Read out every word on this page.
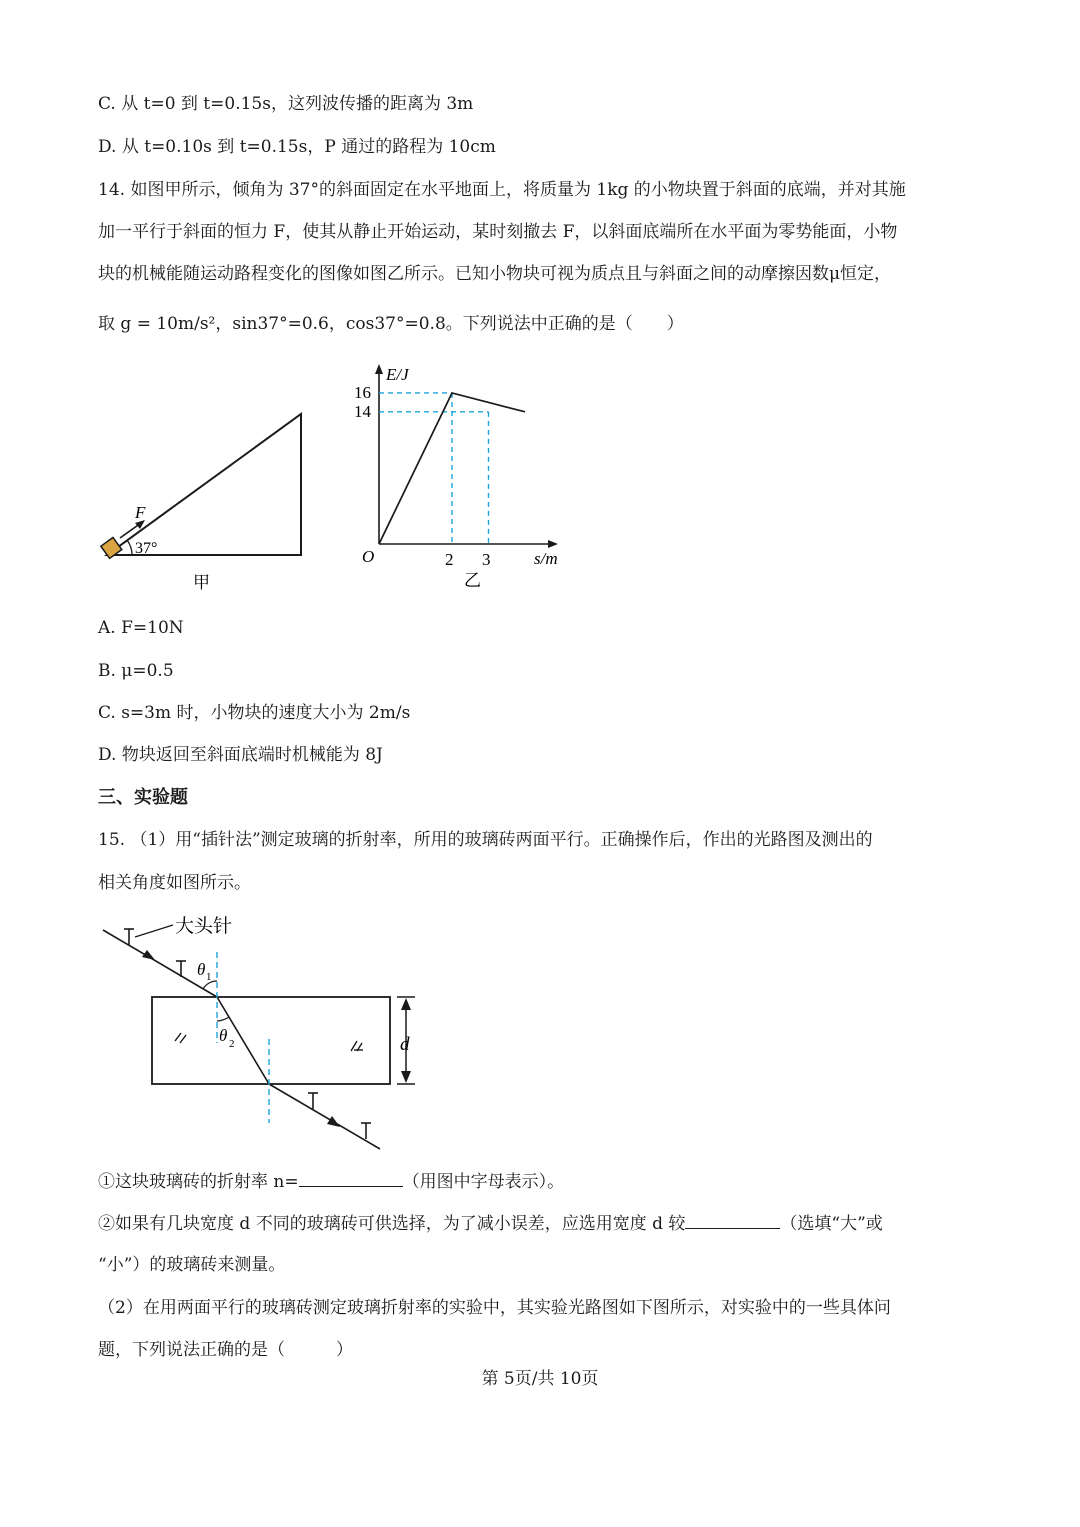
C. 从 t=0 到 t=0.15s，这列波传播的距离为 3m
D. 从 t=0.10s 到 t=0.15s，P 通过的路程为 10cm
14. 如图甲所示，倾角为 37°的斜面固定在水平地面上，将质量为 1kg 的小物块置于斜面的底端，并对其施
加一平行于斜面的恒力 F，使其从静止开始运动，某时刻撤去 F，以斜面底端所在水平面为零势能面，小物
块的机械能随运动路程变化的图像如图乙所示。已知小物块可视为质点且与斜面之间的动摩擦因数μ恒定，
取 g = 10m/s²，sin37°=0.6，cos37°=0.8。下列说法中正确的是（　　）
F
37°
甲
E/J
s/m
O
16
14
2 3
乙
A. F=10N
B. μ=0.5
C. s=3m 时，小物块的速度大小为 2m/s
D. 物块返回至斜面底端时机械能为 8J
三、实验题
15. （1）用“插针法”测定玻璃的折射率，所用的玻璃砖两面平行。正确操作后，作出的光路图及测出的
相关角度如图所示。
大头针
θ 1
θ 2	d
①这块玻璃砖的折射率 n=	（用图中字母表示）。
②如果有几块宽度 d 不同的玻璃砖可供选择，为了减小误差，应选用宽度 d 较	（选填“大”或
“小”）的玻璃砖来测量。
（2）在用两面平行的玻璃砖测定玻璃折射率的实验中，其实验光路图如下图所示，对实验中的一些具体问
题，下列说法正确的是（　　　）
第 5页/共 10页
